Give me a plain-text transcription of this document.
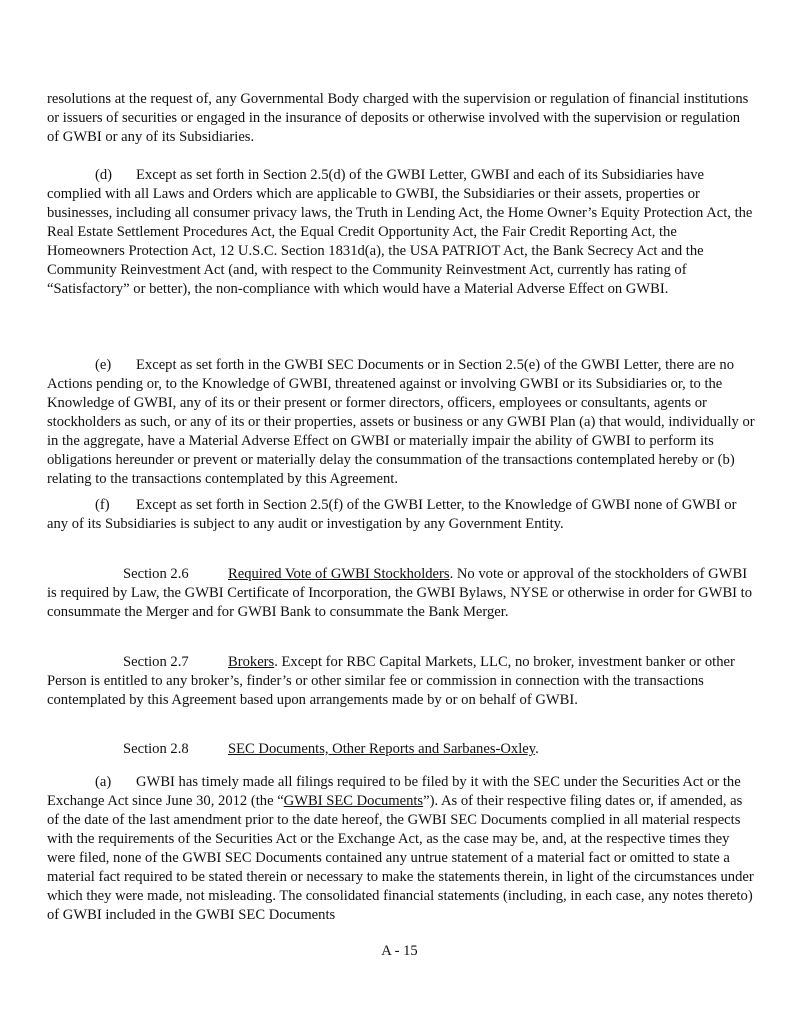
resolutions at the request of, any Governmental Body charged with the supervision or regulation of financial institutions or issuers of securities or engaged in the insurance of deposits or otherwise involved with the supervision or regulation of GWBI or any of its Subsidiaries.

(d) Except as set forth in Section 2.5(d) of the GWBI Letter, GWBI and each of its Subsidiaries have complied with all Laws and Orders which are applicable to GWBI, the Subsidiaries or their assets, properties or businesses, including all consumer privacy laws, the Truth in Lending Act, the Home Owner’s Equity Protection Act, the Real Estate Settlement Procedures Act, the Equal Credit Opportunity Act, the Fair Credit Reporting Act, the Homeowners Protection Act, 12 U.S.C. Section 1831d(a), the USA PATRIOT Act, the Bank Secrecy Act and the Community Reinvestment Act (and, with respect to the Community Reinvestment Act, currently has rating of “Satisfactory” or better), the non-compliance with which would have a Material Adverse Effect on GWBI.

(e) Except as set forth in the GWBI SEC Documents or in Section 2.5(e) of the GWBI Letter, there are no Actions pending or, to the Knowledge of GWBI, threatened against or involving GWBI or its Subsidiaries or, to the Knowledge of GWBI, any of its or their present or former directors, officers, employees or consultants, agents or stockholders as such, or any of its or their properties, assets or business or any GWBI Plan (a) that would, individually or in the aggregate, have a Material Adverse Effect on GWBI or materially impair the ability of GWBI to perform its obligations hereunder or prevent or materially delay the consummation of the transactions contemplated hereby or (b) relating to the transactions contemplated by this Agreement.

(f) Except as set forth in Section 2.5(f) of the GWBI Letter, to the Knowledge of GWBI none of GWBI or any of its Subsidiaries is subject to any audit or investigation by any Government Entity.

Section 2.6	Required Vote of GWBI Stockholders. No vote or approval of the stockholders of GWBI is required by Law, the GWBI Certificate of Incorporation, the GWBI Bylaws, NYSE or otherwise in order for GWBI to consummate the Merger and for GWBI Bank to consummate the Bank Merger.

Section 2.7	Brokers. Except for RBC Capital Markets, LLC, no broker, investment banker or other Person is entitled to any broker’s, finder’s or other similar fee or commission in connection with the transactions contemplated by this Agreement based upon arrangements made by or on behalf of GWBI.

Section 2.8	SEC Documents, Other Reports and Sarbanes-Oxley.

(a) GWBI has timely made all filings required to be filed by it with the SEC under the Securities Act or the Exchange Act since June 30, 2012 (the “GWBI SEC Documents”). As of their respective filing dates or, if amended, as of the date of the last amendment prior to the date hereof, the GWBI SEC Documents complied in all material respects with the requirements of the Securities Act or the Exchange Act, as the case may be, and, at the respective times they were filed, none of the GWBI SEC Documents contained any untrue statement of a material fact or omitted to state a material fact required to be stated therein or necessary to make the statements therein, in light of the circumstances under which they were made, not misleading. The consolidated financial statements (including, in each case, any notes thereto) of GWBI included in the GWBI SEC Documents

A - 15
